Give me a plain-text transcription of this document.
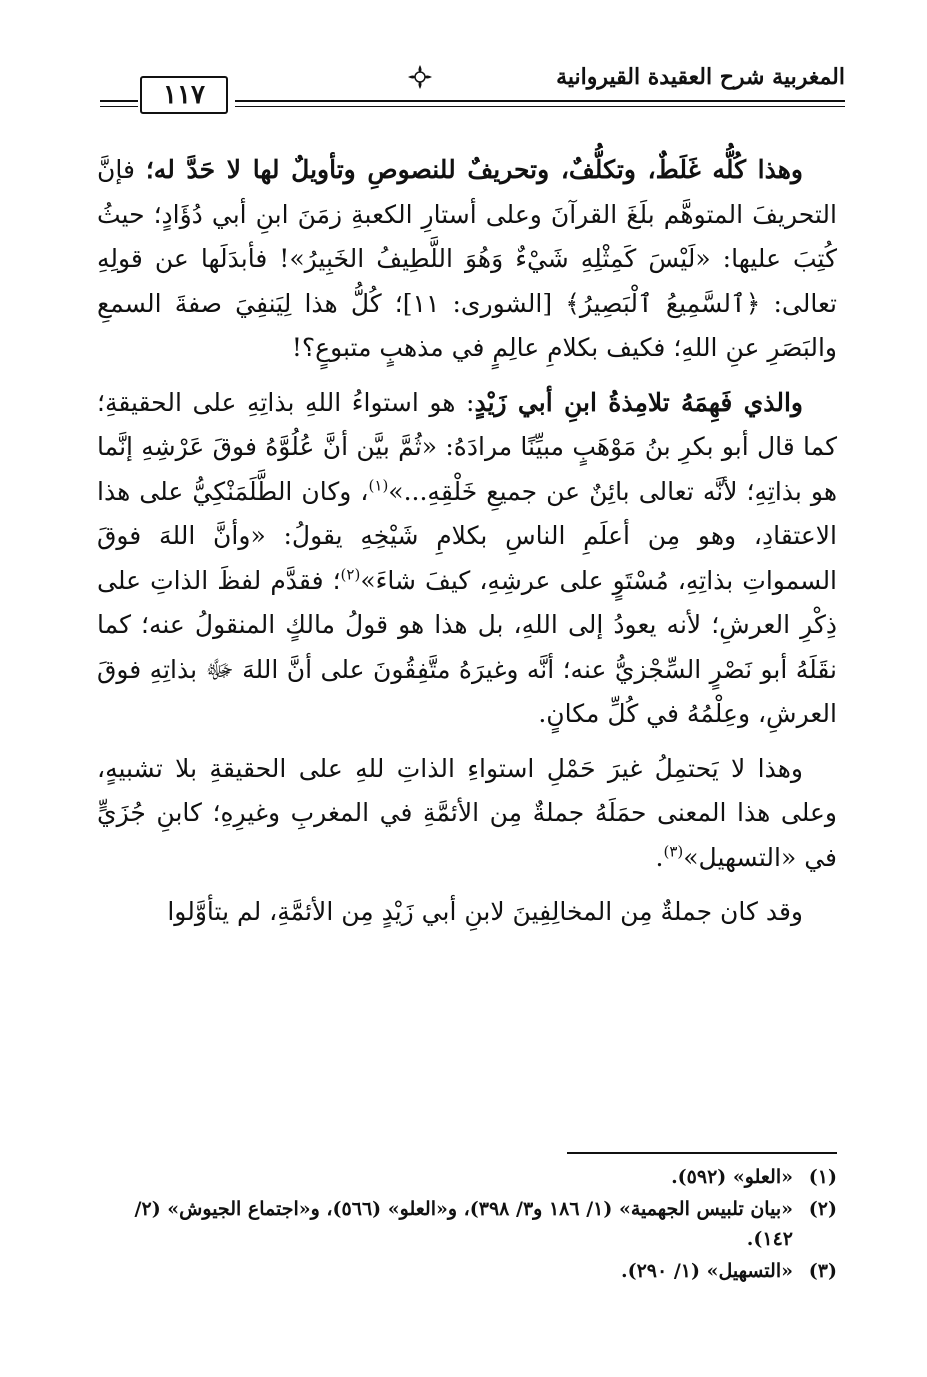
المغربية شرح العقيدة القيروانية
١١٧

وهذا كُلُّه غَلَطٌ، وتكلُّفٌ، وتحريفٌ للنصوصِ وتأويلٌ لها لا حَدَّ له؛ فإنَّ التحريفَ المتوهَّم بلَغَ القرآنَ وعلى أستارِ الكعبةِ زمَنَ ابنِ أبي دُؤَادٍ؛ حيثُ كُتِبَ عليها: «لَيْسَ كَمِثْلِهِ شَيْءٌ وَهُوَ اللَّطِيفُ الخَبِيرُ»! فأبدَلَها عن قولِهِ تعالى: ﴿ٱلسَّمِيعُ ٱلْبَصِيرُ﴾ [الشورى: ١١]؛ كُلُّ هذا لِيَنفِيَ صفةَ السمعِ والبَصَرِ عنِ اللهِ؛ فكيف بكلامِ عالِمٍ في مذهبٍ متبوعٍ؟!

والذي فَهِمَهُ تلامِذةُ ابنِ أبي زَيْدٍ: هو استواءُ اللهِ بذاتِهِ على الحقيقةِ؛ كما قال أبو بكرِ بنُ مَوْهَبٍ مبيِّنًا مرادَهُ: «ثُمَّ بيَّن أنَّ عُلُوَّهُ فوقَ عَرْشِهِ إنَّما هو بذاتِهِ؛ لأنَّه تعالى بائِنٌ عن جميعِ خَلْقِهِ...»$^{(١)}$، وكان الطَّلَمَنْكِيُّ على هذا الاعتقادِ، وهو مِن أعلَمِ الناسِ بكلامِ شَيْخِهِ يقولُ: «وأنَّ اللهَ فوقَ السمواتِ بذاتِهِ، مُسْتَوٍ على عرشِهِ، كيفَ شاءَ»$^{(٢)}$؛ فقدَّم لفظَ الذاتِ على ذِكْرِ العرشِ؛ لأنه يعودُ إلى اللهِ، بل هذا هو قولُ مالكٍ المنقولُ عنه؛ كما نقَلَهُ أبو نَصْرٍ السِّجْزيُّ عنه؛ أنَّه وغيرَهُ متَّفِقُونَ على أنَّ اللهَ ﷻ بذاتِهِ فوقَ العرشِ، وعِلْمُهُ في كُلِّ مكانٍ.

وهذا لا يَحتمِلُ غيرَ حَمْلِ استواءِ الذاتِ للهِ على الحقيقةِ بلا تشبيهٍ، وعلى هذا المعنى حمَلَهُ جملةٌ مِن الأئمَّةِ في المغربِ وغيرِهِ؛ كابنِ جُزَيٍّ في «التسهيل»$^{(٣)}$.

وقد كان جملةٌ مِن المخالِفِينَ لابنِ أبي زَيْدٍ مِن الأئمَّةِ، لم يتأوَّلوا

(١)
«العلو» (٥٩٢).
(٢)
«بيان تلبيس الجهمية» (١/ ١٨٦ و٣/ ٣٩٨)، و«العلو» (٥٦٦)، و«اجتماع الجيوش» (٢/ ١٤٢).
(٣)
«التسهيل» (١/ ٢٩٠).
